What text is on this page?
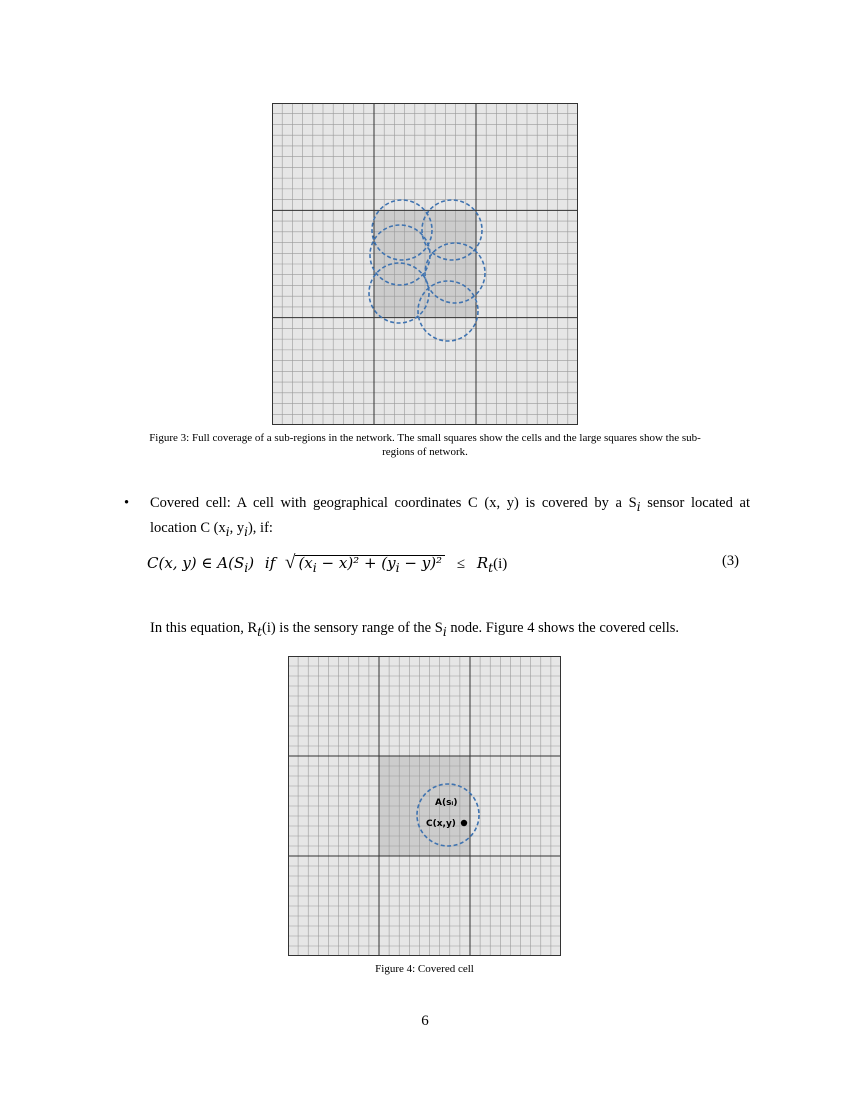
Figure 3: Full coverage of a sub-regions in the network. The small squares show the cells and the large squares show the sub-
regions of network.
• Covered cell: A cell with geographical coordinates C (x, y) is covered by a $S_i$ sensor located at
location C ($x_i$, $y_i$), if:
C(x, y) ∈ $A(S_i)$ if √ $(x_i - x)^2 + (y_i - y)^2 \le R_t(i)$	(3)
In this equation, $R_t(i)$ is the sensory range of the $S_i$ node. Figure 4 shows the covered cells.
A(sᵢ)
C(x,y)
Figure 4: Covered cell
6
